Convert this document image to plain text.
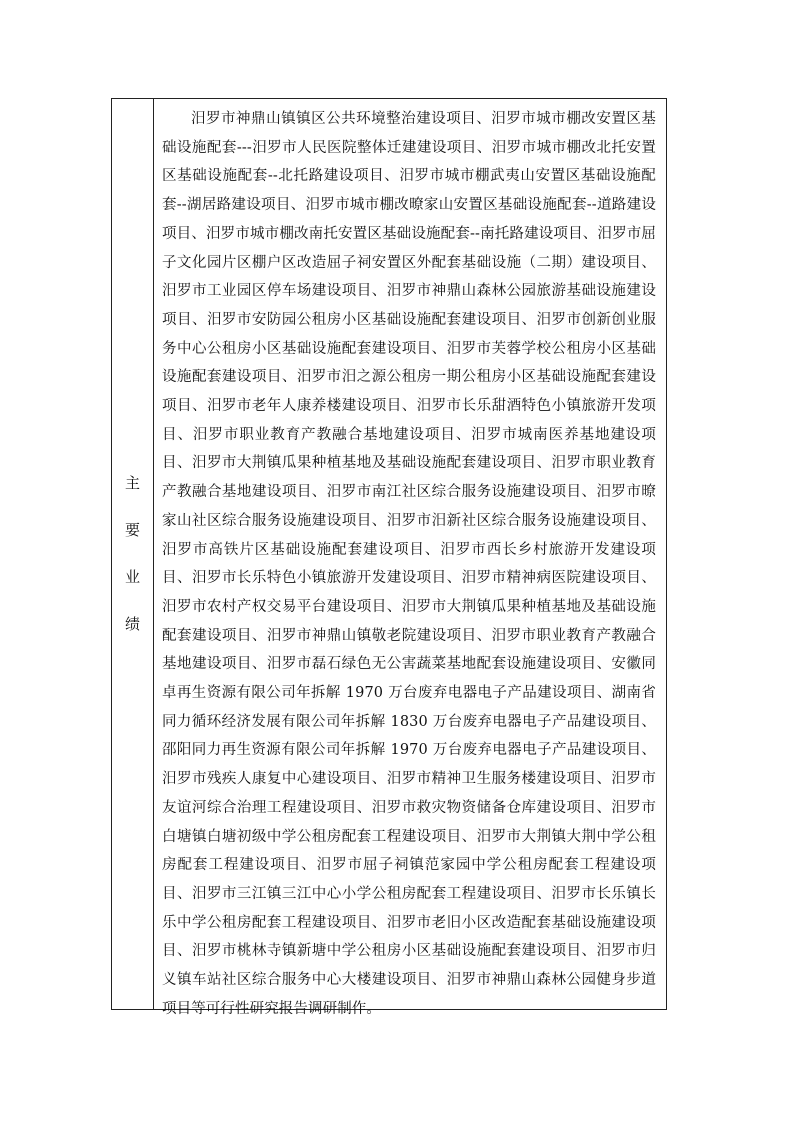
主
要
业
绩

汨罗市神鼎山镇镇区公共环境整治建设项目、汨罗市城市棚改安置区基础设施配套---汨罗市人民医院整体迁建建设项目、汨罗市城市棚改北托安置区基础设施配套--北托路建设项目、汨罗市城市棚武夷山安置区基础设施配套--湖居路建设项目、汨罗市城市棚改暸家山安置区基础设施配套--道路建设项目、汨罗市城市棚改南托安置区基础设施配套--南托路建设项目、汨罗市屈子文化园片区棚户区改造屈子祠安置区外配套基础设施（二期）建设项目、汨罗市工业园区停车场建设项目、汨罗市神鼎山森林公园旅游基础设施建设项目、汨罗市安防园公租房小区基础设施配套建设项目、汨罗市创新创业服务中心公租房小区基础设施配套建设项目、汨罗市芙蓉学校公租房小区基础设施配套建设项目、汨罗市汨之源公租房一期公租房小区基础设施配套建设项目、汨罗市老年人康养楼建设项目、汨罗市长乐甜酒特色小镇旅游开发项目、汨罗市职业教育产教融合基地建设项目、汨罗市城南医养基地建设项目、汨罗市大荆镇瓜果种植基地及基础设施配套建设项目、汨罗市职业教育产教融合基地建设项目、汨罗市南江社区综合服务设施建设项目、汨罗市暸家山社区综合服务设施建设项目、汨罗市汨新社区综合服务设施建设项目、汨罗市高铁片区基础设施配套建设项目、汨罗市西长乡村旅游开发建设项目、汨罗市长乐特色小镇旅游开发建设项目、汨罗市精神病医院建设项目、汨罗市农村产权交易平台建设项目、汨罗市大荆镇瓜果种植基地及基础设施配套建设项目、汨罗市神鼎山镇敬老院建设项目、汨罗市职业教育产教融合基地建设项目、汨罗市磊石绿色无公害蔬菜基地配套设施建设项目、安徽同卓再生资源有限公司年拆解 1970 万台废弃电器电子产品建设项目、湖南省同力循环经济发展有限公司年拆解 1830 万台废弃电器电子产品建设项目、邵阳同力再生资源有限公司年拆解 1970 万台废弃电器电子产品建设项目、汨罗市残疾人康复中心建设项目、汨罗市精神卫生服务楼建设项目、汨罗市友谊河综合治理工程建设项目、汨罗市救灾物资储备仓库建设项目、汨罗市白塘镇白塘初级中学公租房配套工程建设项目、汨罗市大荆镇大荆中学公租房配套工程建设项目、汨罗市屈子祠镇范家园中学公租房配套工程建设项目、汨罗市三江镇三江中心小学公租房配套工程建设项目、汨罗市长乐镇长乐中学公租房配套工程建设项目、汨罗市老旧小区改造配套基础设施建设项目、汨罗市桃林寺镇新塘中学公租房小区基础设施配套建设项目、汨罗市归义镇车站社区综合服务中心大楼建设项目、汨罗市神鼎山森林公园健身步道项目等可行性研究报告调研制作。
